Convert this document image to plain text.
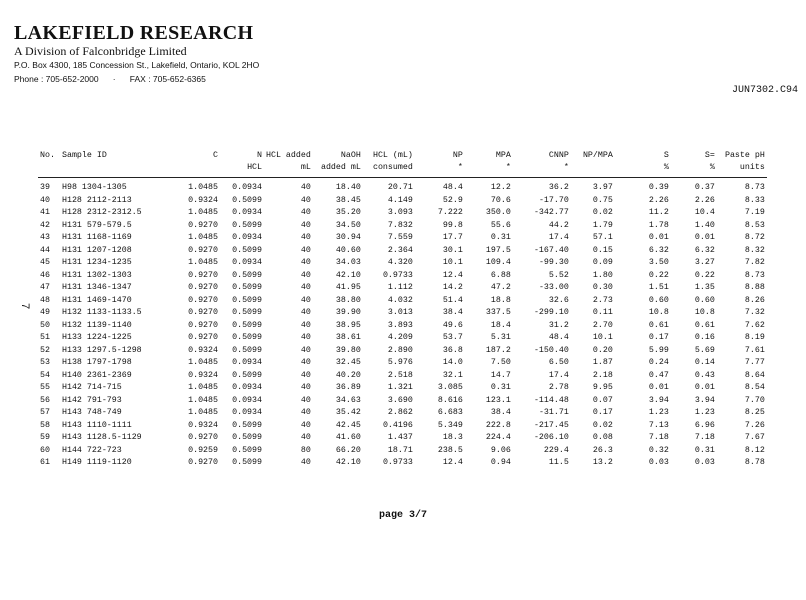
LAKEFIELD RESEARCH
A Division of Falconbridge Limited
P.O. Box 4300, 185 Concession St., Lakefield, Ontario, KOL 2HO
Phone : 705-652-2000      ·      FAX : 705-652-6365
JUN7302.C94
7
No.	Sample ID	C	N	HCL added	NaOH	HCL (mL)	NP	MPA	CNNP	NP/MPA	S	S=	Paste pH
			HCL	mL	added mL	consumed	*	*	*		%	%	units
39	H98 1304-1305	1.0485	0.0934	40	18.40	20.71	48.4	12.2	36.2	3.97	0.39	0.37	8.73
40	H128 2112-2113	0.9324	0.5099	40	38.45	4.149	52.9	70.6	-17.70	0.75	2.26	2.26	8.33
41	H128 2312-2312.5	1.0485	0.0934	40	35.20	3.093	7.222	350.0	-342.77	0.02	11.2	10.4	7.19
42	H131 579-579.5	0.9270	0.5099	40	34.50	7.832	99.8	55.6	44.2	1.79	1.78	1.40	8.53
43	H131 1168-1169	1.0485	0.0934	40	30.94	7.559	17.7	0.31	17.4	57.1	0.01	0.01	8.72
44	H131 1207-1208	0.9270	0.5099	40	40.60	2.364	30.1	197.5	-167.40	0.15	6.32	6.32	8.32
45	H131 1234-1235	1.0485	0.0934	40	34.03	4.320	10.1	109.4	-99.30	0.09	3.50	3.27	7.82
46	H131 1302-1303	0.9270	0.5099	40	42.10	0.9733	12.4	6.88	5.52	1.80	0.22	0.22	8.73
47	H131 1346-1347	0.9270	0.5099	40	41.95	1.112	14.2	47.2	-33.00	0.30	1.51	1.35	8.88
48	H131 1469-1470	0.9270	0.5099	40	38.80	4.032	51.4	18.8	32.6	2.73	0.60	0.60	8.26
49	H132 1133-1133.5	0.9270	0.5099	40	39.90	3.013	38.4	337.5	-299.10	0.11	10.8	10.8	7.32
50	H132 1139-1140	0.9270	0.5099	40	38.95	3.893	49.6	18.4	31.2	2.70	0.61	0.61	7.62
51	H133 1224-1225	0.9270	0.5099	40	38.61	4.209	53.7	5.31	48.4	10.1	0.17	0.16	8.19
52	H133 1297.5-1298	0.9324	0.5099	40	39.80	2.890	36.8	187.2	-150.40	0.20	5.99	5.69	7.61
53	H138 1797-1798	1.0485	0.0934	40	32.45	5.976	14.0	7.50	6.50	1.87	0.24	0.14	7.77
54	H140 2361-2369	0.9324	0.5099	40	40.20	2.518	32.1	14.7	17.4	2.18	0.47	0.43	8.64
55	H142 714-715	1.0485	0.0934	40	36.89	1.321	3.085	0.31	2.78	9.95	0.01	0.01	8.54
56	H142 791-793	1.0485	0.0934	40	34.63	3.690	8.616	123.1	-114.48	0.07	3.94	3.94	7.70
57	H143 748-749	1.0485	0.0934	40	35.42	2.862	6.683	38.4	-31.71	0.17	1.23	1.23	8.25
58	H143 1110-1111	0.9324	0.5099	40	42.45	0.4196	5.349	222.8	-217.45	0.02	7.13	6.96	7.26
59	H143 1128.5-1129	0.9270	0.5099	40	41.60	1.437	18.3	224.4	-206.10	0.08	7.18	7.18	7.67
60	H144 722-723	0.9259	0.5099	80	66.20	18.71	238.5	9.06	229.4	26.3	0.32	0.31	8.12
61	H149 1119-1120	0.9270	0.5099	40	42.10	0.9733	12.4	0.94	11.5	13.2	0.03	0.03	8.78
page 3/7
